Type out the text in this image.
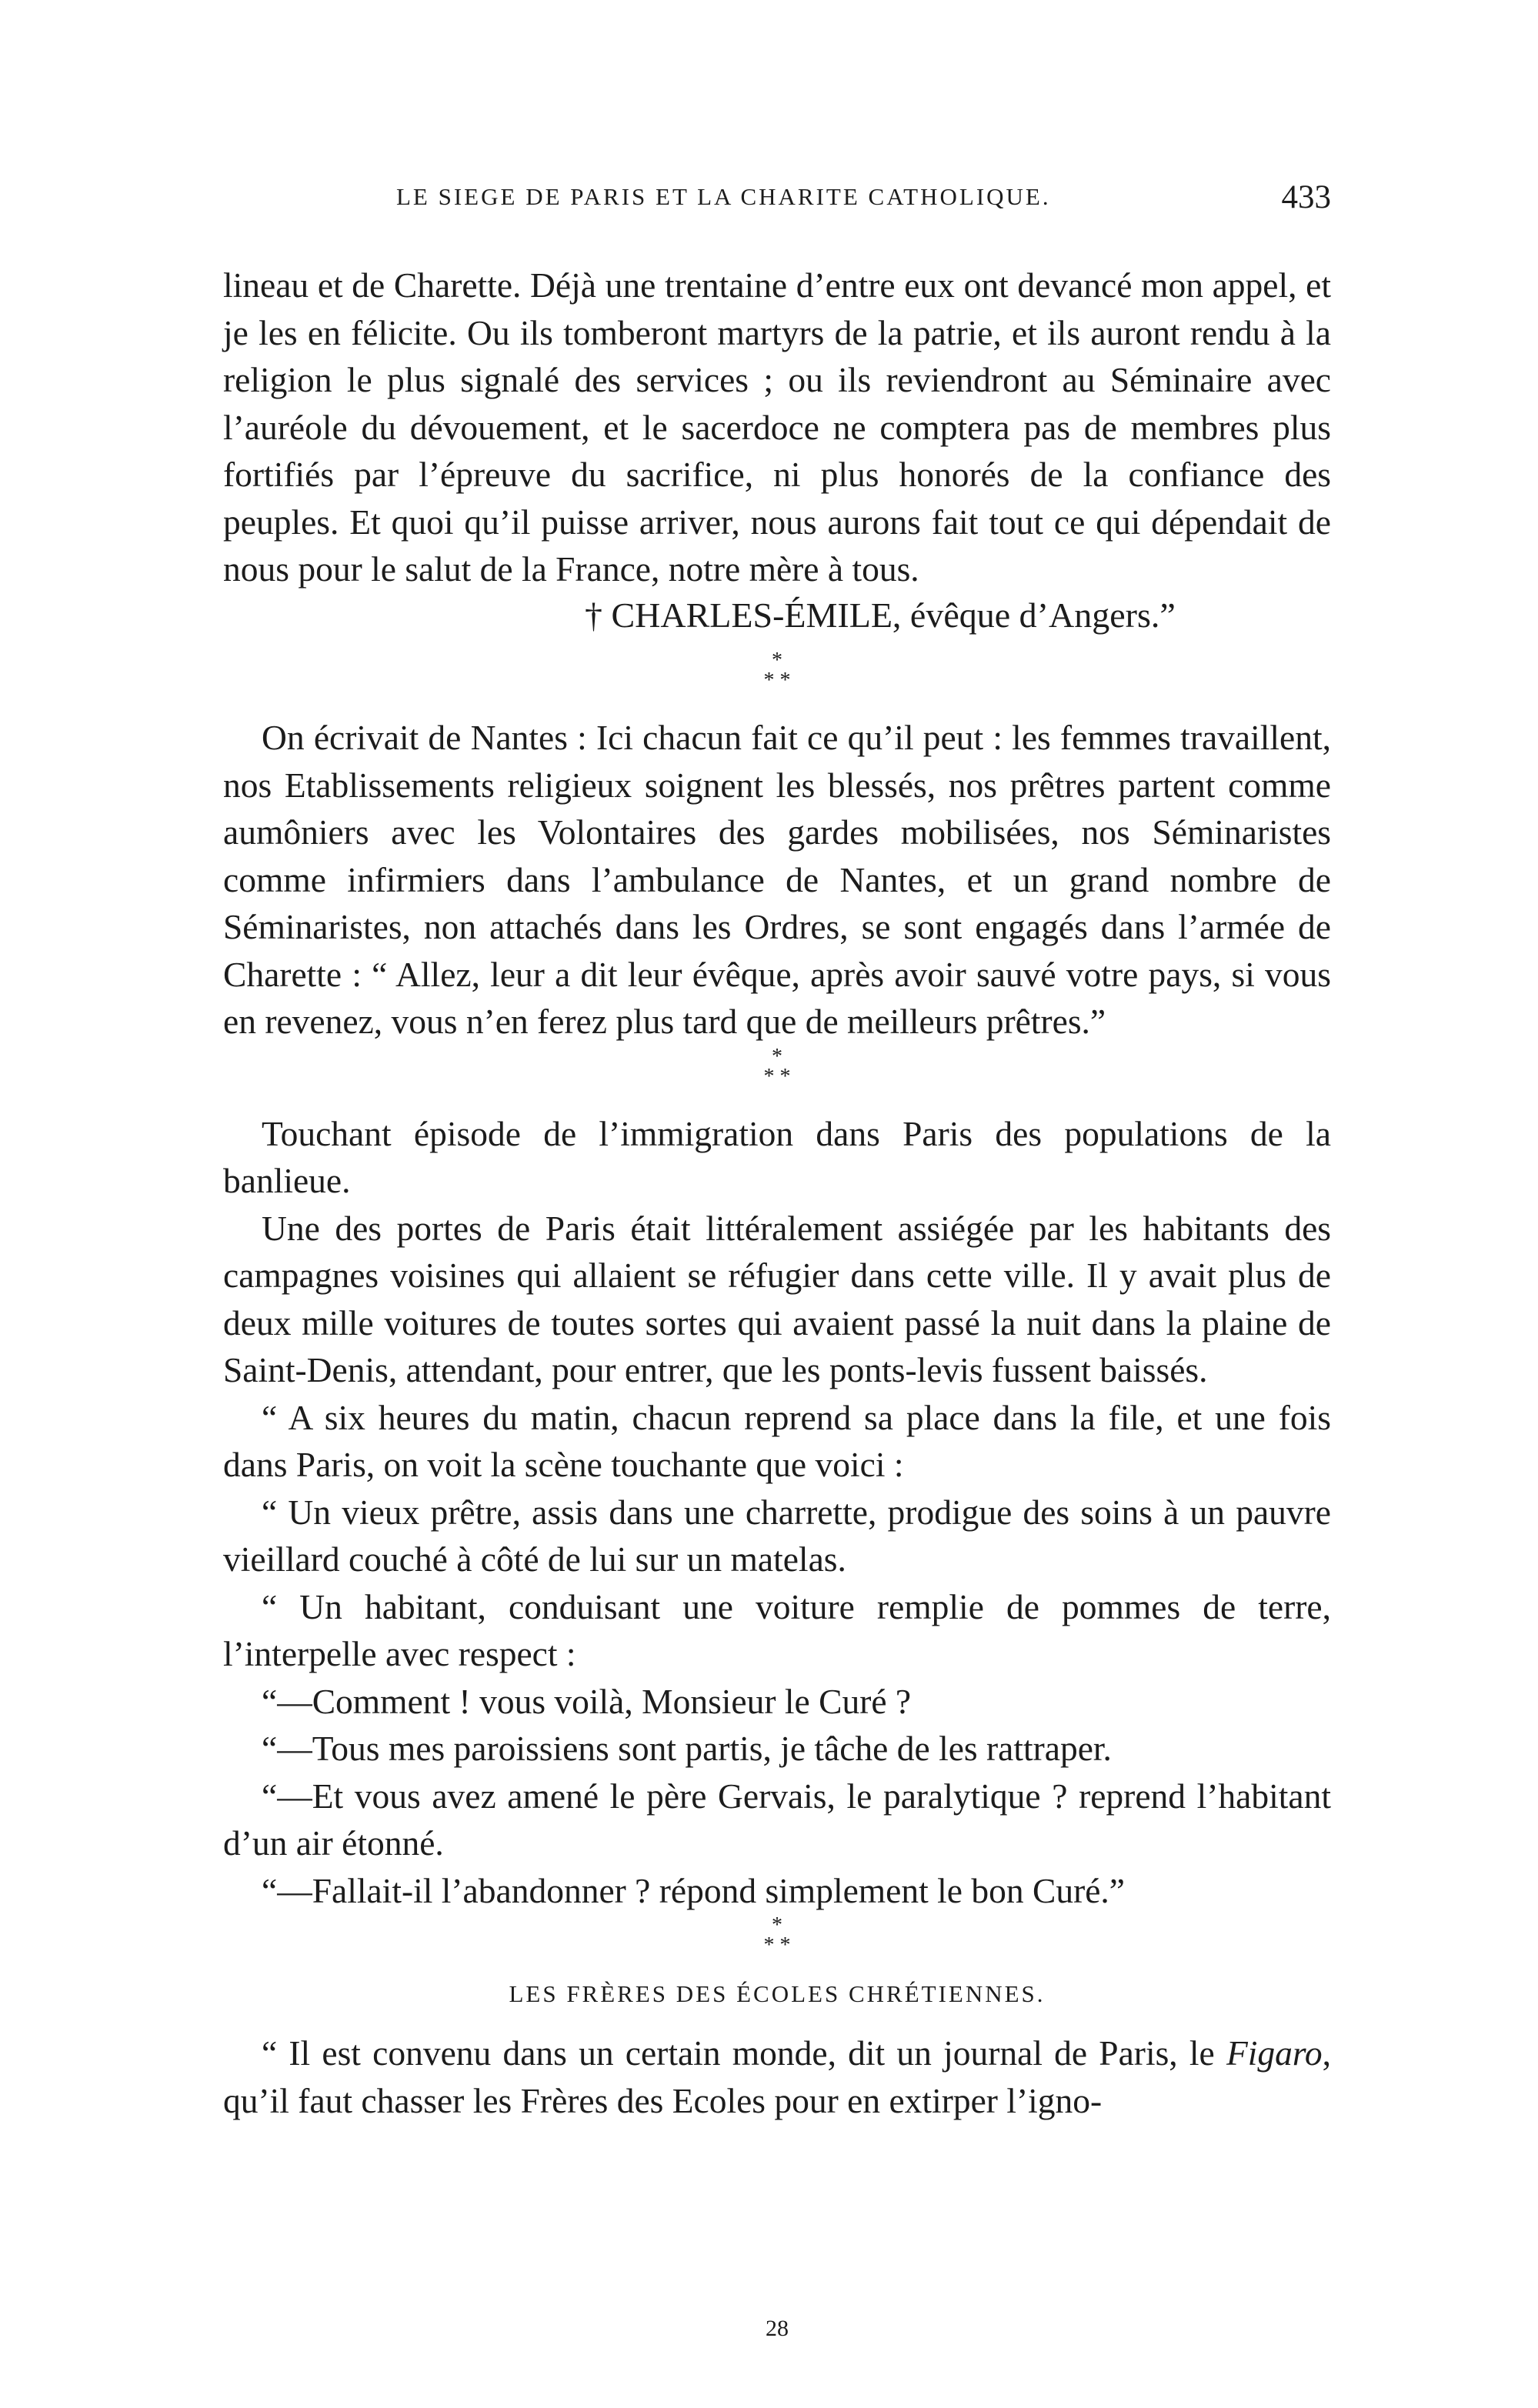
LE SIEGE DE PARIS ET LA CHARITE CATHOLIQUE.	433

lineau et de Charette. Déjà une trentaine d’entre eux ont devancé mon appel, et je les en félicite. Ou ils tomberont martyrs de la patrie, et ils auront rendu à la religion le plus signalé des services ; ou ils reviendront au Séminaire avec l’auréole du dévouement, et le sacerdoce ne comptera pas de membres plus fortifiés par l’épreuve du sacrifice, ni plus honorés de la confiance des peuples. Et quoi qu’il puisse arriver, nous aurons fait tout ce qui dépendait de nous pour le salut de la France, notre mère à tous.

† CHARLES-ÉMILE, évêque d’Angers.”
*
* *

On écrivait de Nantes : Ici chacun fait ce qu’il peut : les femmes travaillent, nos Etablissements religieux soignent les blessés, nos prêtres partent comme aumôniers avec les Volontaires des gardes mobilisées, nos Séminaristes comme infirmiers dans l’ambulance de Nantes, et un grand nombre de Séminaristes, non attachés dans les Ordres, se sont engagés dans l’armée de Charette : “ Allez, leur a dit leur évêque, après avoir sauvé votre pays, si vous en revenez, vous n’en ferez plus tard que de meilleurs prêtres.”

*
* *

Touchant épisode de l’immigration dans Paris des populations de la banlieue.

Une des portes de Paris était littéralement assiégée par les habitants des campagnes voisines qui allaient se réfugier dans cette ville. Il y avait plus de deux mille voitures de toutes sortes qui avaient passé la nuit dans la plaine de Saint-Denis, attendant, pour entrer, que les ponts-levis fussent baissés.

“ A six heures du matin, chacun reprend sa place dans la file, et une fois dans Paris, on voit la scène touchante que voici :

“ Un vieux prêtre, assis dans une charrette, prodigue des soins à un pauvre vieillard couché à côté de lui sur un matelas.

“ Un habitant, conduisant une voiture remplie de pommes de terre, l’interpelle avec respect :

“—Comment ! vous voilà, Monsieur le Curé ?

“—Tous mes paroissiens sont partis, je tâche de les rattraper.

“—Et vous avez amené le père Gervais, le paralytique ? reprend l’habitant d’un air étonné.

“—Fallait-il l’abandonner ? répond simplement le bon Curé.”

*
* *
LES FRÈRES DES ÉCOLES CHRÉTIENNES.

“ Il est convenu dans un certain monde, dit un journal de Paris, le Figaro, qu’il faut chasser les Frères des Ecoles pour en extirper l’igno-

28
